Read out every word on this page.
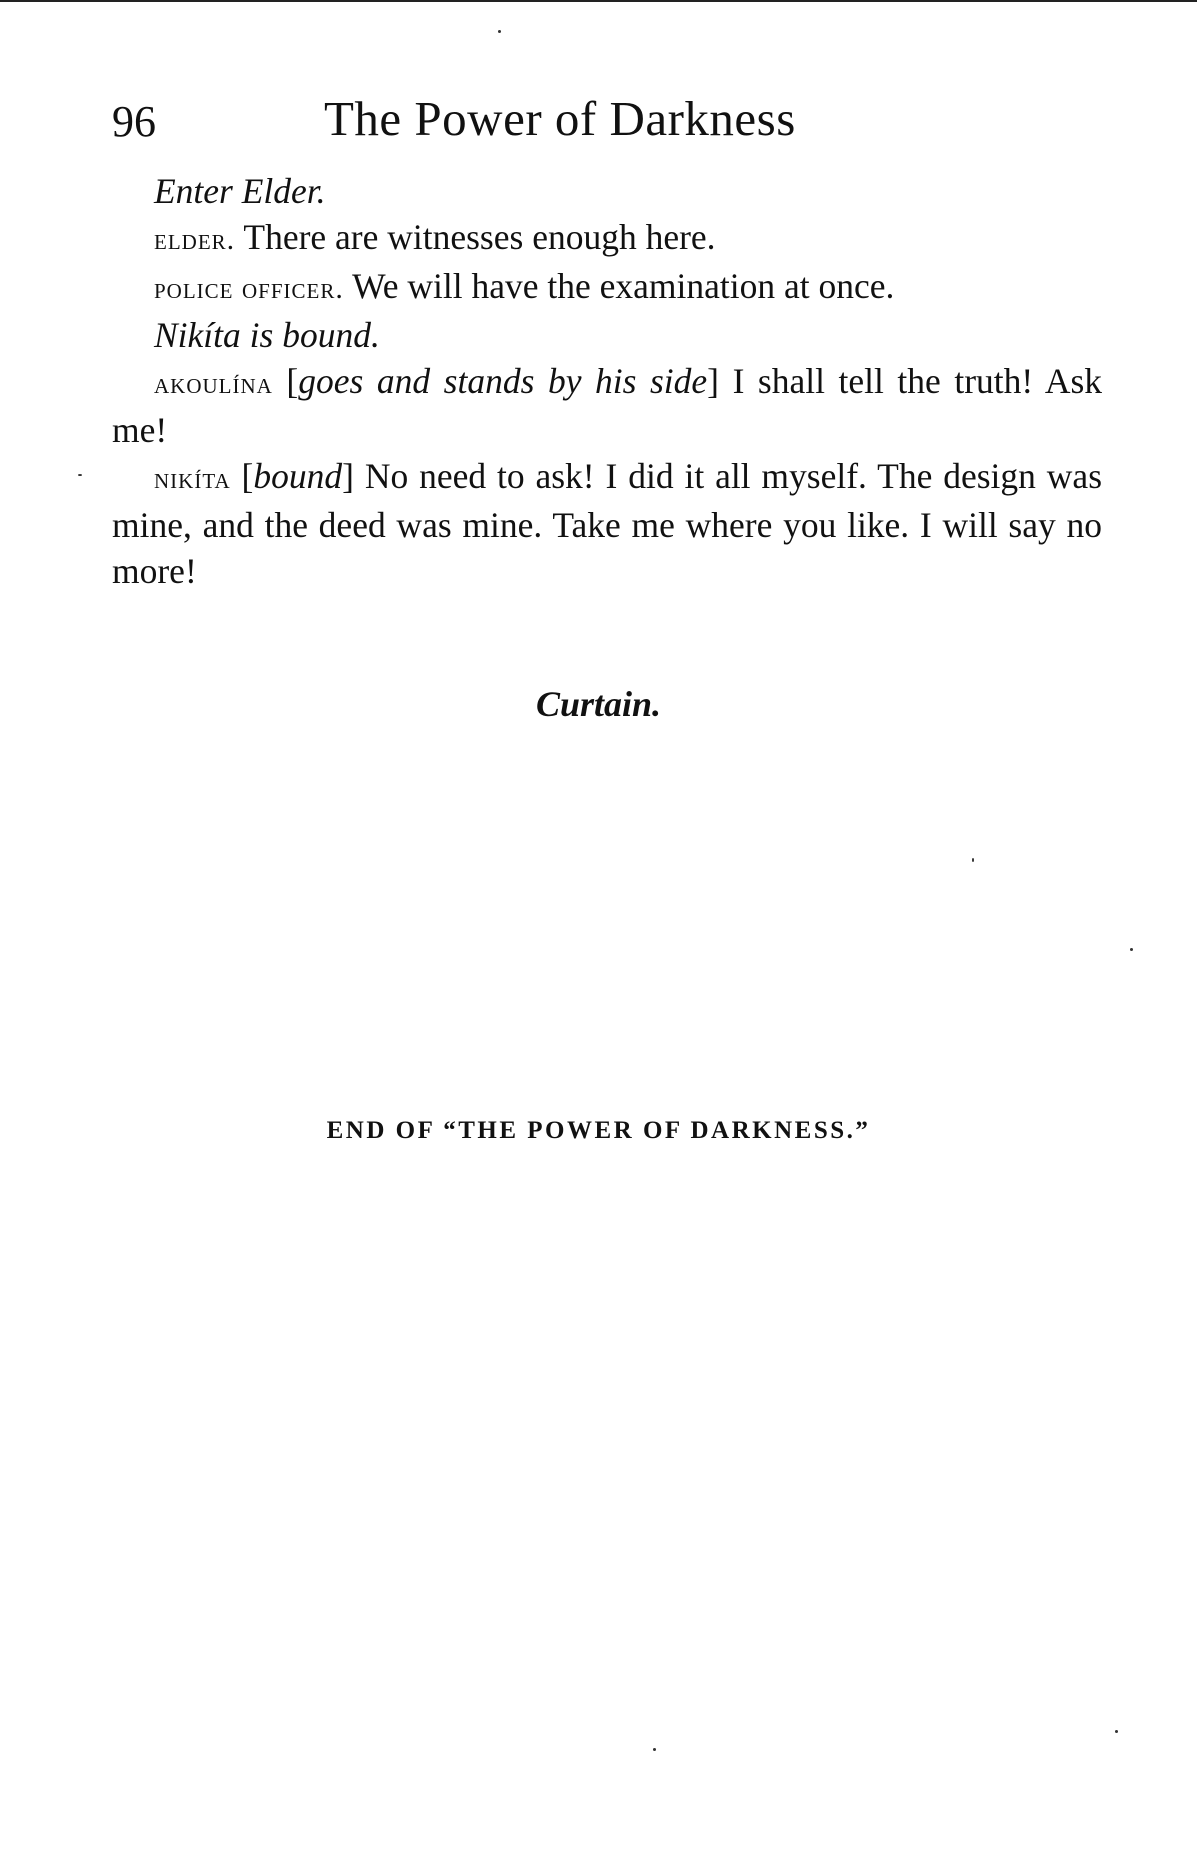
96	The Power of Darkness

Enter Elder.

elder. There are witnesses enough here.

police officer. We will have the examination at once.

Nikíta is bound.

akoulína [goes and stands by his side] I shall tell the truth! Ask me!

nikíta [bound] No need to ask! I did it all myself. The design was mine, and the deed was mine. Take me where you like. I will say no more!

Curtain.
END OF “THE POWER OF DARKNESS.”
